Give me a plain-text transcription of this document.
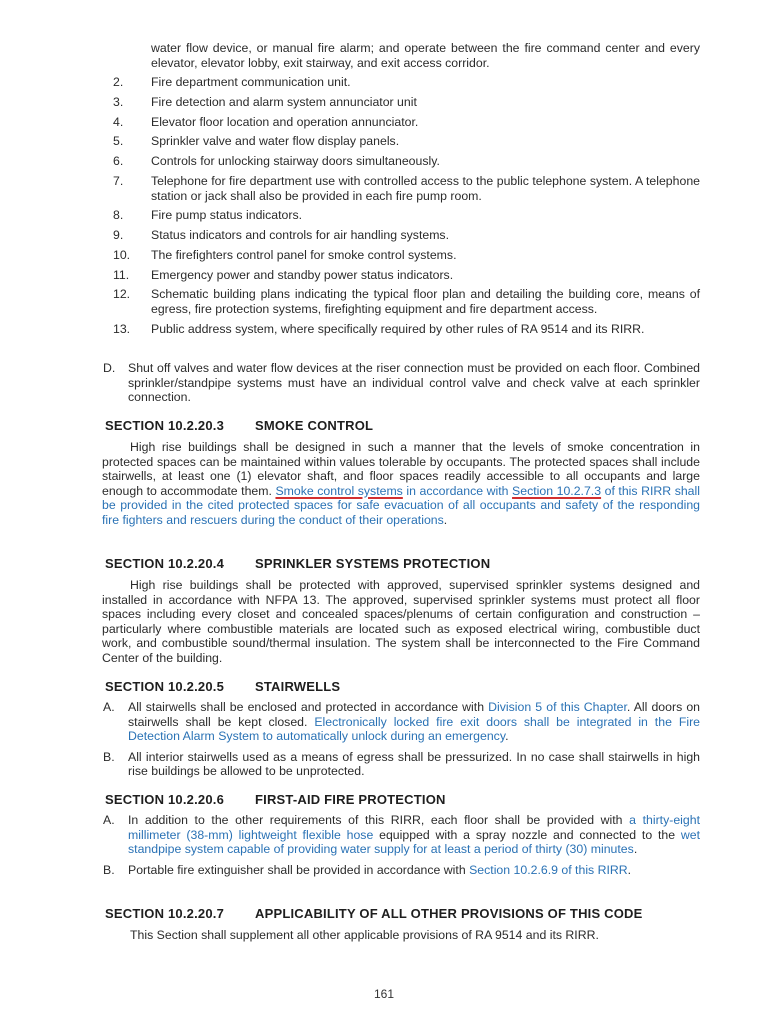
water flow device, or manual fire alarm; and operate between the fire command center and every elevator, elevator lobby, exit stairway, and exit access corridor.
2.	Fire department communication unit.
3.	Fire detection and alarm system annunciator unit
4.	Elevator floor location and operation annunciator.
5.	Sprinkler valve and water flow display panels.
6.	Controls for unlocking stairway doors simultaneously.
7.	Telephone for fire department use with controlled access to the public telephone system. A telephone station or jack shall also be provided in each fire pump room.
8.	Fire pump status indicators.
9.	Status indicators and controls for air handling systems.
10.	The firefighters control panel for smoke control systems.
11.	Emergency power and standby power status indicators.
12.	Schematic building plans indicating the typical floor plan and detailing the building core, means of egress, fire protection systems, firefighting equipment and fire department access.
13.	Public address system, where specifically required by other rules of RA 9514 and its RIRR.
D. Shut off valves and water flow devices at the riser connection must be provided on each floor. Combined sprinkler/standpipe systems must have an individual control valve and check valve at each sprinkler connection.
SECTION 10.2.20.3 SMOKE CONTROL
High rise buildings shall be designed in such a manner that the levels of smoke concentration in protected spaces can be maintained within values tolerable by occupants. The protected spaces shall include stairwells, at least one (1) elevator shaft, and floor spaces readily accessible to all occupants and large enough to accommodate them. Smoke control systems in accordance with Section 10.2.7.3 of this RIRR shall be provided in the cited protected spaces for safe evacuation of all occupants and safety of the responding fire fighters and rescuers during the conduct of their operations.
SECTION 10.2.20.4 SPRINKLER SYSTEMS PROTECTION
High rise buildings shall be protected with approved, supervised sprinkler systems designed and installed in accordance with NFPA 13. The approved, supervised sprinkler systems must protect all floor spaces including every closet and concealed spaces/plenums of certain configuration and construction – particularly where combustible materials are located such as exposed electrical wiring, combustible duct work, and combustible sound/thermal insulation. The system shall be interconnected to the Fire Command Center of the building.
SECTION 10.2.20.5 STAIRWELLS
A. All stairwells shall be enclosed and protected in accordance with Division 5 of this Chapter. All doors on stairwells shall be kept closed. Electronically locked fire exit doors shall be integrated in the Fire Detection Alarm System to automatically unlock during an emergency.
B. All interior stairwells used as a means of egress shall be pressurized. In no case shall stairwells in high rise buildings be allowed to be unprotected.
SECTION 10.2.20.6 FIRST-AID FIRE PROTECTION
A. In addition to the other requirements of this RIRR, each floor shall be provided with a thirty-eight millimeter (38-mm) lightweight flexible hose equipped with a spray nozzle and connected to the wet standpipe system capable of providing water supply for at least a period of thirty (30) minutes.
B. Portable fire extinguisher shall be provided in accordance with Section 10.2.6.9 of this RIRR.
SECTION 10.2.20.7 APPLICABILITY OF ALL OTHER PROVISIONS OF THIS CODE
This Section shall supplement all other applicable provisions of RA 9514 and its RIRR.
161
